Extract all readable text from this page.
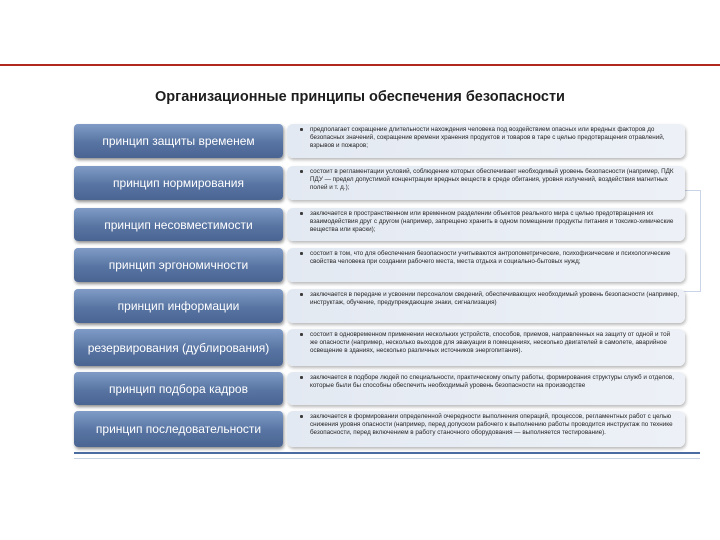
Организационные принципы обеспечения безопасности
принцип защиты временем
предполагает сокращение длительности нахождения человека под воздействием опасных или вредных факторов до безопасных значений, сокращение времени хранения продуктов и товаров в таре с целью предотвращения отравлений, взрывов и пожаров;
принцип нормирования
состоит в регламентации условий, соблюдение которых обеспечивает необходимый уровень безопасности (например, ПДК ПДУ — предел допустимой концентрации вредных веществ в среде обитания, уровня излучений, воздействия магнитных полей и т. д.);
принцип несовместимости
заключается в пространственном или временном разделении объектов реального мира с целью предотвращения их взаимодействия друг с другом (например, запрещено хранить в одном помещении продукты питания и токсико-химические вещества или краски);
принцип эргономичности
состоит в том, что для обеспечения безопасности учитываются антропометрические, психофизические и психологические свойства человека при создании рабочего места, места отдыха и социально-бытовых нужд;
принцип информации
заключается в передаче и усвоении персоналом сведений, обеспечивающих необходимый уровень безопасности (например, инструктаж, обучение, предупреждающие знаки, сигнализация)
резервирования (дублирования)
состоит в одновременном применении нескольких устройств, способов, приемов, направленных на защиту от одной и той же опасности (например, несколько выходов для эвакуации в помещениях, несколько двигателей в самолете, аварийное освещение в зданиях, несколько различных источников энергопитания).
принцип подбора кадров
заключается в подборе людей по специальности, практическому опыту работы, формирования структуры служб и отделов, которые были бы способны обеспечить необходимый уровень безопасности на производстве
принцип последовательности
заключается в формировании определенной очередности выполнения операций, процессов, регламентных работ с целью снижения уровня опасности (например, перед допуском рабочего к выполнению работы проводится инструктаж по технике безопасности, перед включением в работу станочного оборудования — выполняется тестирование).
